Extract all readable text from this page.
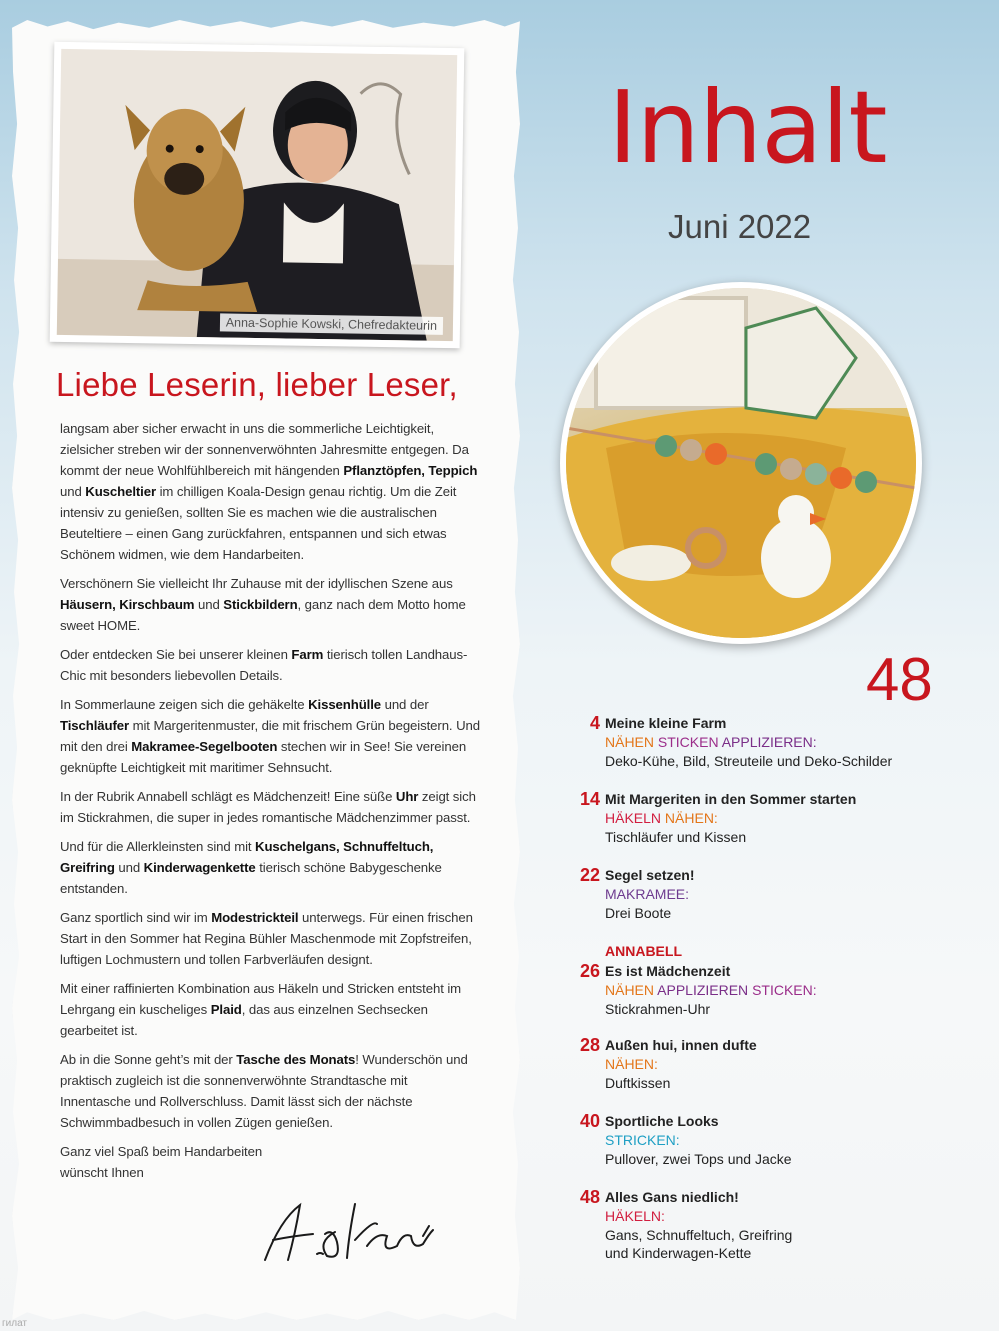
Anna-Sophie Kowski, Chefredakteurin
Liebe Leserin, lieber Leser,

langsam aber sicher erwacht in uns die sommerliche Leichtigkeit, zielsicher streben wir der sonnenverwöhnten Jahresmitte entgegen. Da kommt der neue Wohlfühlbereich mit hängenden Pflanztöpfen, Teppich und Kuscheltier im chilligen Koala-Design genau richtig. Um die Zeit intensiv zu genießen, sollten Sie es machen wie die australischen Beuteltiere – einen Gang zurückfahren, entspannen und sich etwas Schönem widmen, wie dem Handarbeiten.

Verschönern Sie vielleicht Ihr Zuhause mit der idyllischen Szene aus Häusern, Kirschbaum und Stickbildern, ganz nach dem Motto home sweet HOME.

Oder entdecken Sie bei unserer kleinen Farm tierisch tollen Landhaus-Chic mit besonders liebevollen Details.

In Sommerlaune zeigen sich die gehäkelte Kissenhülle und der Tischläufer mit Margeritenmuster, die mit frischem Grün begeistern. Und mit den drei Makramee-Segelbooten stechen wir in See! Sie vereinen geknüpfte Leichtigkeit mit maritimer Sehnsucht.

In der Rubrik Annabell schlägt es Mädchenzeit! Eine süße Uhr zeigt sich im Stickrahmen, die super in jedes romantische Mädchenzimmer passt.

Und für die Allerkleinsten sind mit Kuschelgans, Schnuffeltuch, Greifring und Kinderwagenkette tierisch schöne Babygeschenke entstanden.

Ganz sportlich sind wir im Modestrickteil unterwegs. Für einen frischen Start in den Sommer hat Regina Bühler Maschenmode mit Zopfstreifen, luftigen Lochmustern und tollen Farbverläufen designt.

Mit einer raffinierten Kombination aus Häkeln und Stricken entsteht im Lehrgang ein kuscheliges Plaid, das aus einzelnen Sechsecken gearbeitet ist.

Ab in die Sonne geht’s mit der Tasche des Monats! Wunderschön und praktisch zugleich ist die sonnenverwöhnte Strandtasche mit Innentasche und Rollverschluss. Damit lässt sich der nächste Schwimmbadbesuch in vollen Zügen genießen.

Ganz viel Spaß beim Handarbeiten
wünscht Ihnen

Inhalt
Juni 2022
48
4 Meine kleine Farm
NÄHEN STICKEN APPLIZIEREN:
Deko-Kühe, Bild, Streuteile und Deko-Schilder
14 Mit Margeriten in den Sommer starten
HÄKELN NÄHEN:
Tischläufer und Kissen
22 Segel setzen!
MAKRAMEE:
Drei Boote
ANNABELL
26 Es ist Mädchenzeit
NÄHEN APPLIZIEREN STICKEN:
Stickrahmen-Uhr
28 Außen hui, innen dufte
NÄHEN:
Duftkissen
40 Sportliche Looks
STRICKEN:
Pullover, zwei Tops und Jacke
48 Alles Gans niedlich!
HÄKELN:
Gans, Schnuffeltuch, Greifring
und Kinderwagen-Kette
гилат
